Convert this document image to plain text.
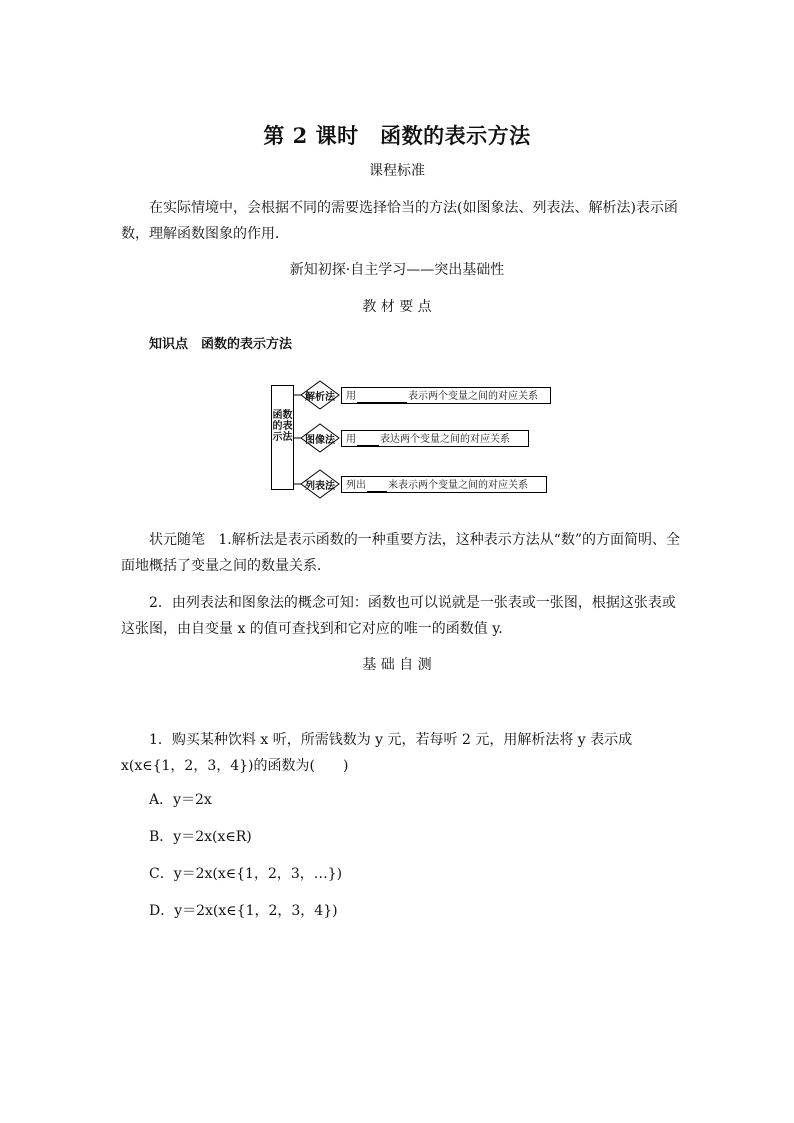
第 2 课时　函数的表示方法
课程标准
在实际情境中，会根据不同的需要选择恰当的方法(如图象法、列表法、解析法)表示函数，理解函数图象的作用．
新知初探·自主学习——突出基础性
教 材 要 点
知识点　函数的表示方法
函数的表示法
解析法
图像法
列表法
用	表示两个变量之间的对应关系
用 表达两个变量之间的对应关系
列出 来表示两个变量之间的对应关系
状元随笔 1.解析法是表示函数的一种重要方法，这种表示方法从“数”的方面简明、全面地概括了变量之间的数量关系．
2．由列表法和图象法的概念可知：函数也可以说就是一张表或一张图，根据这张表或这张图，由自变量 x 的值可查找到和它对应的唯一的函数值 y.
基 础 自 测
1．购买某种饮料 x 听，所需钱数为 y 元，若每听 2 元，用解析法将 y 表示成 x(x∈{1，2，3，4})的函数为(　　)
A．y＝2x
B．y＝2x(x∈R)
C．y＝2x(x∈{1，2，3，…})
D．y＝2x(x∈{1，2，3，4})
